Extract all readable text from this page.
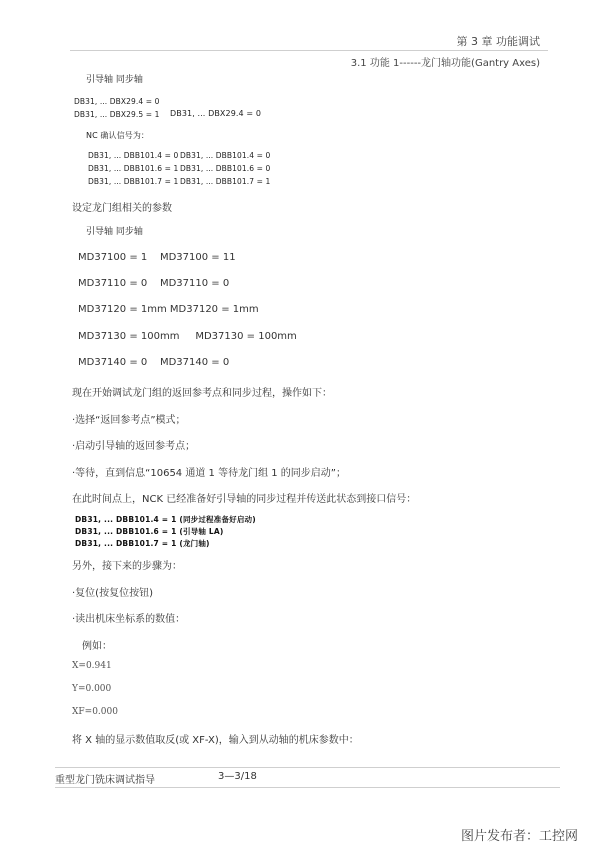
第 3 章 功能调试
3.1 功能 1------龙门轴功能(Gantry Axes)
引导轴 同步轴
DB31, ... DBX29.4 = 0
DB31, ... DBX29.5 = 1 DB31, ... DBX29.4 = 0
NC 确认信号为：
DB31, ... DBB101.4 = 0 DB31, ... DBB101.4 = 0
DB31, ... DBB101.6 = 1 DB31, ... DBB101.6 = 0
DB31, ... DBB101.7 = 1 DB31, ... DBB101.7 = 1
设定龙门组相关的参数
引导轴 同步轴
MD37100 = 1    MD37100 = 11
MD37110 = 0    MD37110 = 0
MD37120 = 1mm MD37120 = 1mm
MD37130 = 100mm     MD37130 = 100mm
MD37140 = 0    MD37140 = 0
现在开始调试龙门组的返回参考点和同步过程，操作如下：
·选择“返回参考点”模式；
·启动引导轴的返回参考点；
·等待，直到信息“10654 通道 1 等待龙门组 1 的同步启动”；
在此时间点上，NCK 已经准备好引导轴的同步过程并传送此状态到接口信号：
DB31, ... DBB101.4 = 1 (同步过程准备好启动)
DB31, ... DBB101.6 = 1 (引导轴 LA)
DB31, ... DBB101.7 = 1 (龙门轴)
另外，接下来的步骤为：
·复位(按复位按钮)
·读出机床坐标系的数值：
例如：
X=0.941
Y=0.000
XF=0.000
将 X 轴的显示数值取反(或 XF-X)，输入到从动轴的机床参数中：
重型龙门铣床调试指导	3—3/18
图片发布者：工控网
